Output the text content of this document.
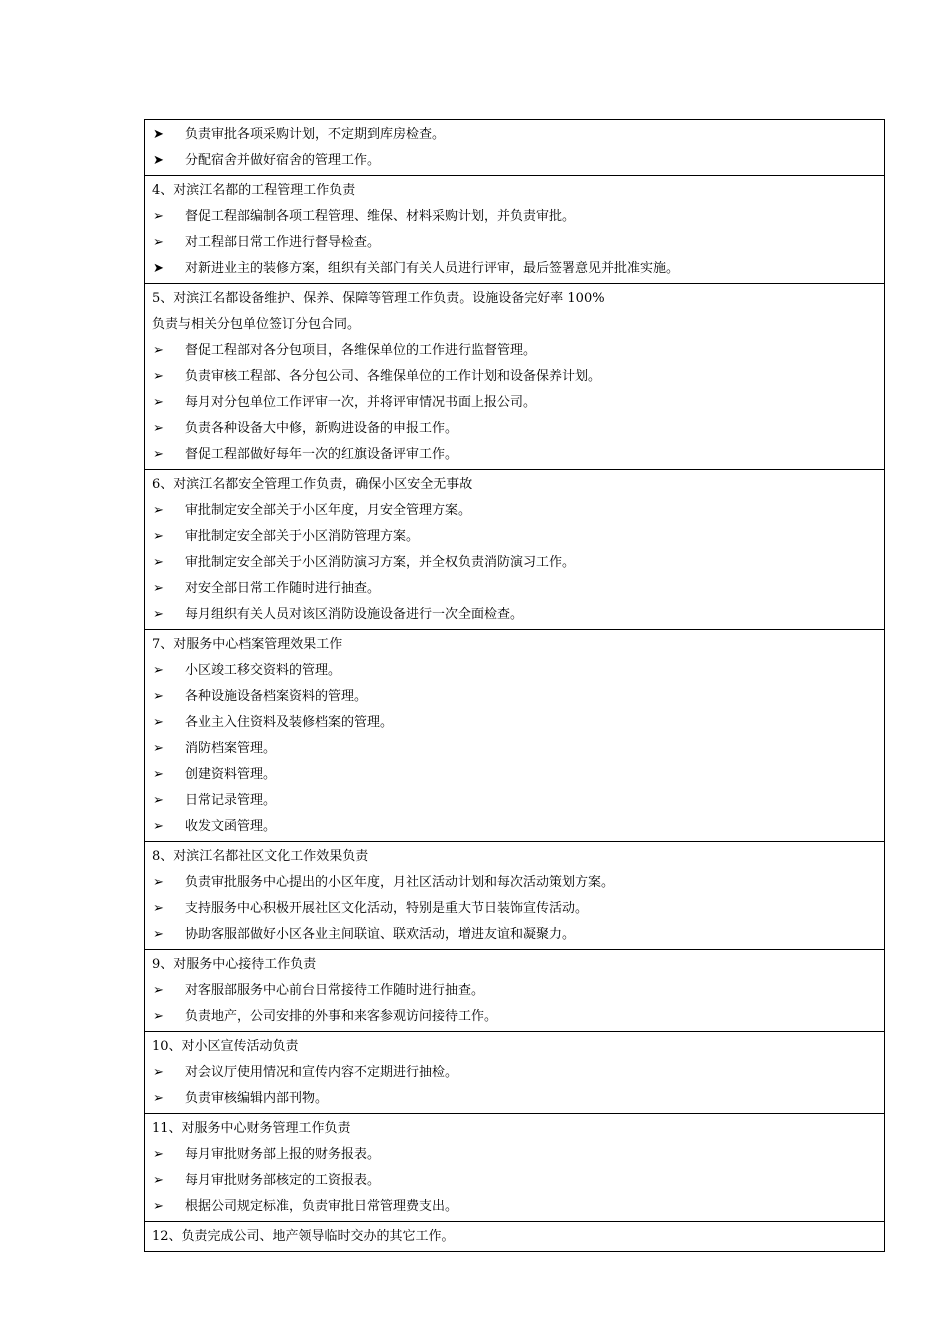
➤	负责审批各项采购计划，不定期到库房检查。
➤	分配宿舍并做好宿舍的管理工作。
4、对滨江名都的工程管理工作负责
➢	督促工程部编制各项工程管理、维保、材料采购计划，并负责审批。
➢	对工程部日常工作进行督导检查。
➤	对新进业主的装修方案，组织有关部门有关人员进行评审，最后签署意见并批准实施。
5、对滨江名都设备维护、保养、保障等管理工作负责。设施设备完好率 100%
负责与相关分包单位签订分包合同。
➢	督促工程部对各分包项目，各维保单位的工作进行监督管理。
➢	负责审核工程部、各分包公司、各维保单位的工作计划和设备保养计划。
➢	每月对分包单位工作评审一次，并将评审情况书面上报公司。
➢	负责各种设备大中修，新购进设备的申报工作。
➢	督促工程部做好每年一次的红旗设备评审工作。
6、对滨江名都安全管理工作负责，确保小区安全无事故
➢	审批制定安全部关于小区年度，月安全管理方案。
➢	审批制定安全部关于小区消防管理方案。
➢	审批制定安全部关于小区消防演习方案，并全权负责消防演习工作。
➢	对安全部日常工作随时进行抽查。
➢	每月组织有关人员对该区消防设施设备进行一次全面检查。
7、对服务中心档案管理效果工作
➢	小区竣工移交资料的管理。
➢	各种设施设备档案资料的管理。
➢	各业主入住资料及装修档案的管理。
➢	消防档案管理。
➢	创建资料管理。
➢	日常记录管理。
➢	收发文函管理。
8、对滨江名都社区文化工作效果负责
➢	负责审批服务中心提出的小区年度，月社区活动计划和每次活动策划方案。
➢	支持服务中心积极开展社区文化活动，特别是重大节日装饰宣传活动。
➢	协助客服部做好小区各业主间联谊、联欢活动，增进友谊和凝聚力。
9、对服务中心接待工作负责
➢	对客服部服务中心前台日常接待工作随时进行抽查。
➢	负责地产，公司安排的外事和来客参观访问接待工作。
10、对小区宣传活动负责
➢	对会议厅使用情况和宣传内容不定期进行抽检。
➢	负责审核编辑内部刊物。
11、对服务中心财务管理工作负责
➢	每月审批财务部上报的财务报表。
➢	每月审批财务部核定的工资报表。
➢	根据公司规定标准，负责审批日常管理费支出。
12、负责完成公司、地产领导临时交办的其它工作。
